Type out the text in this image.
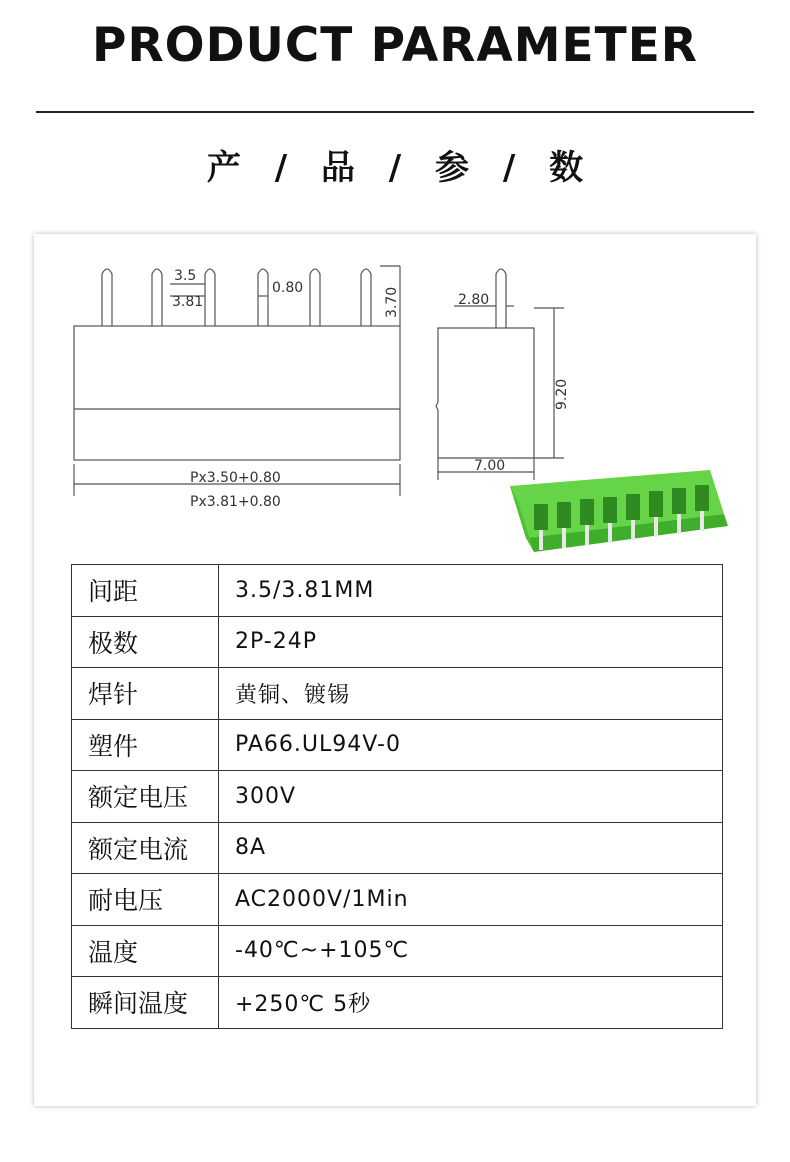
PRODUCT PARAMETER
产 / 品 / 参 / 数
3.5
3.81
0.80	3.70
Px3.50+0.80
Px3.81+0.80
2.80
9.20
7.00
间距	3.5/3.81MM
极数	2P-24P
焊针	黄铜、镀锡
塑件	PA66.UL94V-0
额定电压	300V
额定电流	8A
耐电压	AC2000V/1Min
温度	-40℃~+105℃
瞬间温度	+250℃ 5秒
